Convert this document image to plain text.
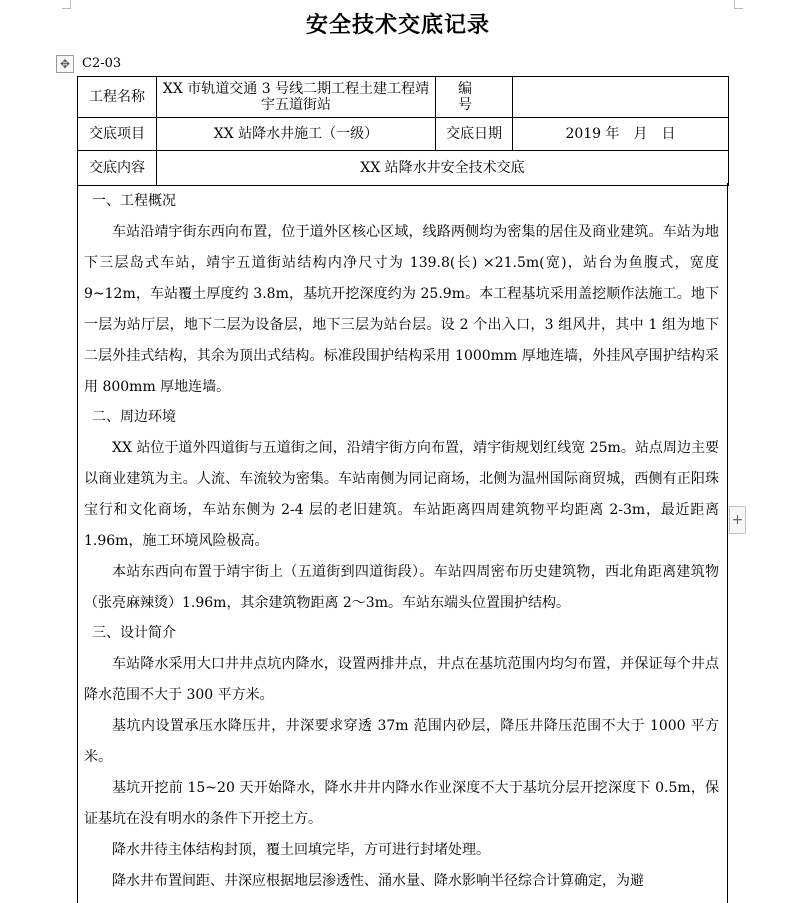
安全技术交底记录
✥ C2-03
工程名称	XX 市轨道交通 3 号线二期工程土建工程靖宇五道街站	编　号	
交底项目	XX 站降水井施工（一级）	交底日期	2019 年　月　日
交底内容	XX 站降水井安全技术交底		

一、工程概况

车站沿靖宇街东西向布置，位于道外区核心区域，线路两侧均为密集的居住及商业建筑。车站为地下三层岛式车站，靖宇五道街站结构内净尺寸为 139.8(长) ×21.5m(宽)，站台为鱼腹式，宽度 9~12m，车站覆土厚度约 3.8m，基坑开挖深度约为 25.9m。本工程基坑采用盖挖顺作法施工。地下一层为站厅层，地下二层为设备层，地下三层为站台层。设 2 个出入口，3 组风井，其中 1 组为地下二层外挂式结构，其余为顶出式结构。标准段围护结构采用 1000mm 厚地连墙，外挂风亭围护结构采用 800mm 厚地连墙。

二、周边环境

XX 站位于道外四道街与五道街之间，沿靖宇街方向布置，靖宇街规划红线宽 25m。站点周边主要以商业建筑为主。人流、车流较为密集。车站南侧为同记商场，北侧为温州国际商贸城，西侧有正阳珠宝行和文化商场，车站东侧为 2-4 层的老旧建筑。车站距离四周建筑物平均距离 2-3m，最近距离 1.96m，施工环境风险极高。

本站东西向布置于靖宇街上（五道街到四道街段）。车站四周密布历史建筑物，西北角距离建筑物（张亮麻辣烫）1.96m，其余建筑物距离 2～3m。车站东端头位置围护结构。

三、设计简介

车站降水采用大口井井点坑内降水，设置两排井点，井点在基坑范围内均匀布置，并保证每个井点降水范围不大于 300 平方米。

基坑内设置承压水降压井，井深要求穿透 37m 范围内砂层，降压井降压范围不大于 1000 平方米。

基坑开挖前 15~20 天开始降水，降水井井内降水作业深度不大于基坑分层开挖深度下 0.5m，保证基坑在没有明水的条件下开挖土方。

降水井待主体结构封顶，覆土回填完毕，方可进行封堵处理。

降水井布置间距、井深应根据地层渗透性、涌水量、降水影响半径综合计算确定，为避

+
